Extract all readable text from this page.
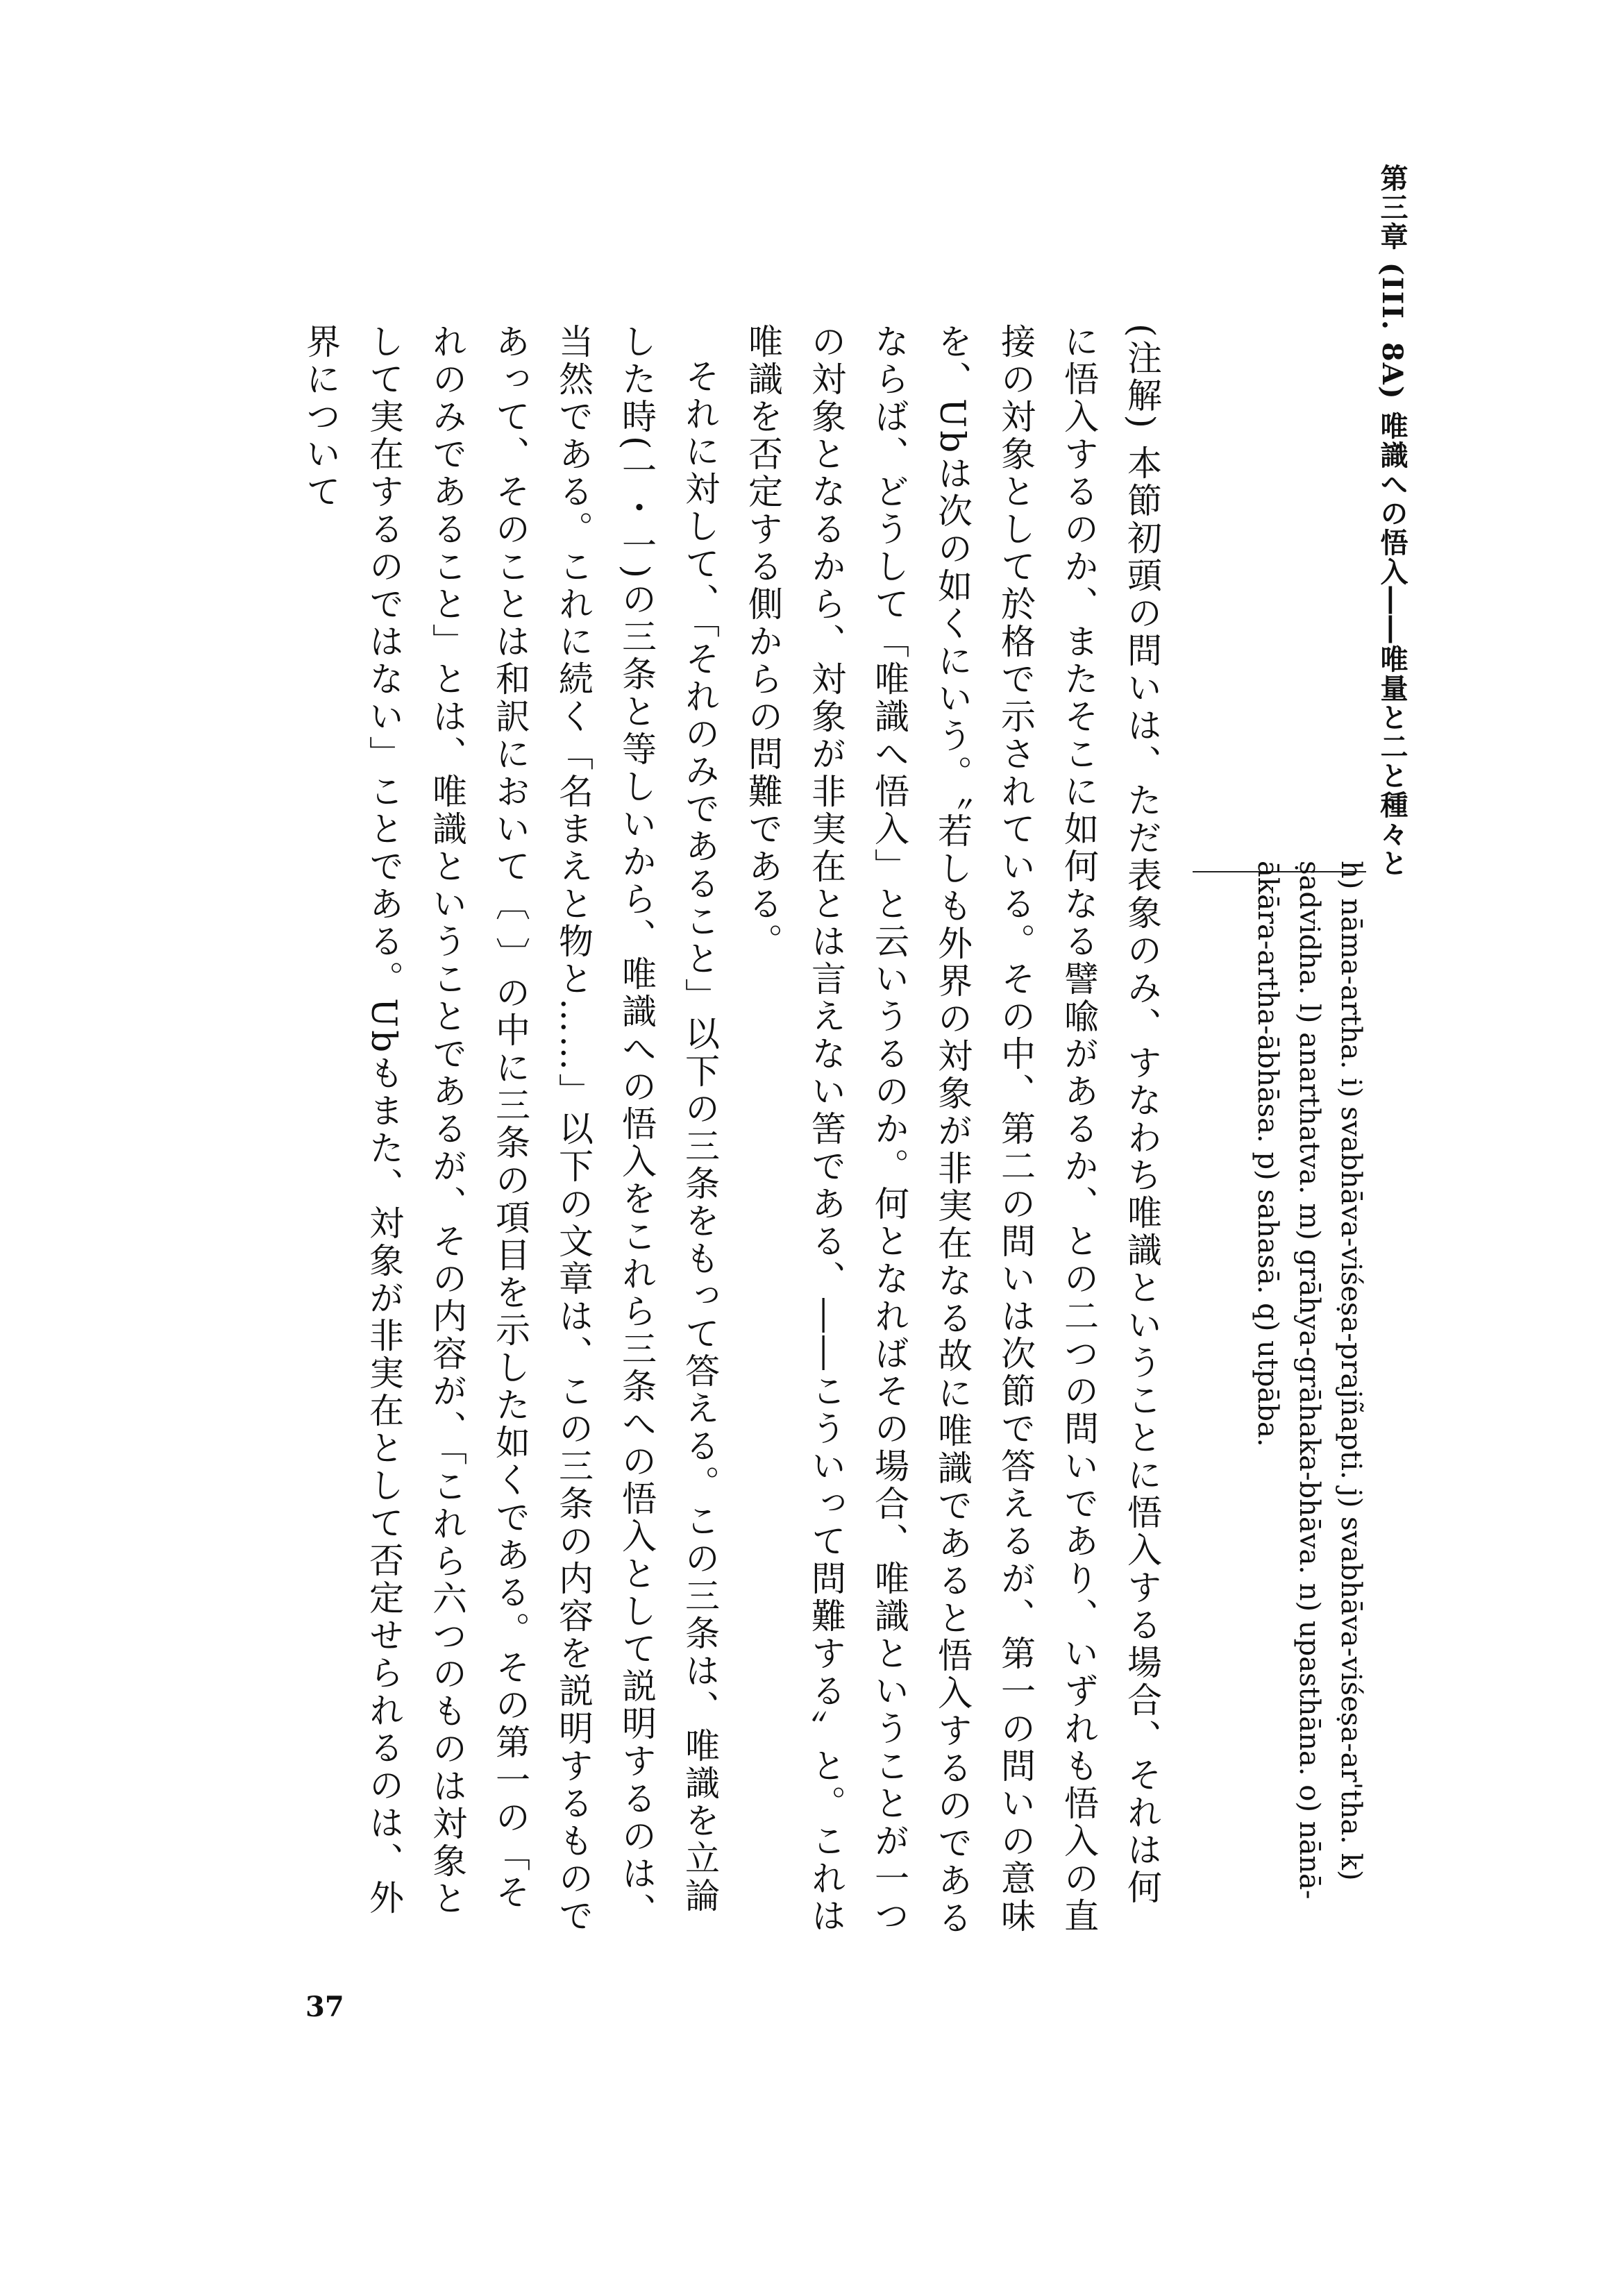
第三章 (III. 8A) 唯識への悟入――唯量と二と種々と

h) nāma-artha. i) svabhāva-viśeṣa-prajñapti. j) svabhāva-viśeṣa-ar'tha. k) ṣadvidha. l) anarthatva. m) grāhya-grāhaka-bhāva. n) upasthāna. o) nānā-ākāra-artha-ābhāsa. p) sahasā. q) utpāba.

(注解) 本節初頭の問いは、ただ表象のみ、すなわち唯識ということに悟入する場合、それは何に悟入するのか、またそこに如何なる譬喩があるか、との二つの問いであり、いずれも悟入の直接の対象として於格で示されている。その中、第二の問いは次節で答えるが、第一の問いの意味を、Ubは次の如くにいう。〝若しも外界の対象が非実在なる故に唯識であると悟入するのであるならば、どうして「唯識へ悟入」と云いうるのか。何となればその場合、唯識ということが一つの対象となるから、対象が非実在とは言えない筈である、――こういって問難する〟と。これは唯識を否定する側からの問難である。

それに対して、「それのみであること」以下の三条をもって答える。この三条は、唯識を立論した時(一・一)の三条と等しいから、唯識への悟入をこれら三条への悟入として説明するのは、当然である。これに続く「名まえと物と……」以下の文章は、この三条の内容を説明するものであって、そのことは和訳において〔 〕の中に三条の項目を示した如くである。その第一の「それのみであること」とは、唯識ということであるが、その内容が、「これら六つのものは対象として実在するのではない」ことである。Ubもまた、対象が非実在として否定せられるのは、外界について

37
